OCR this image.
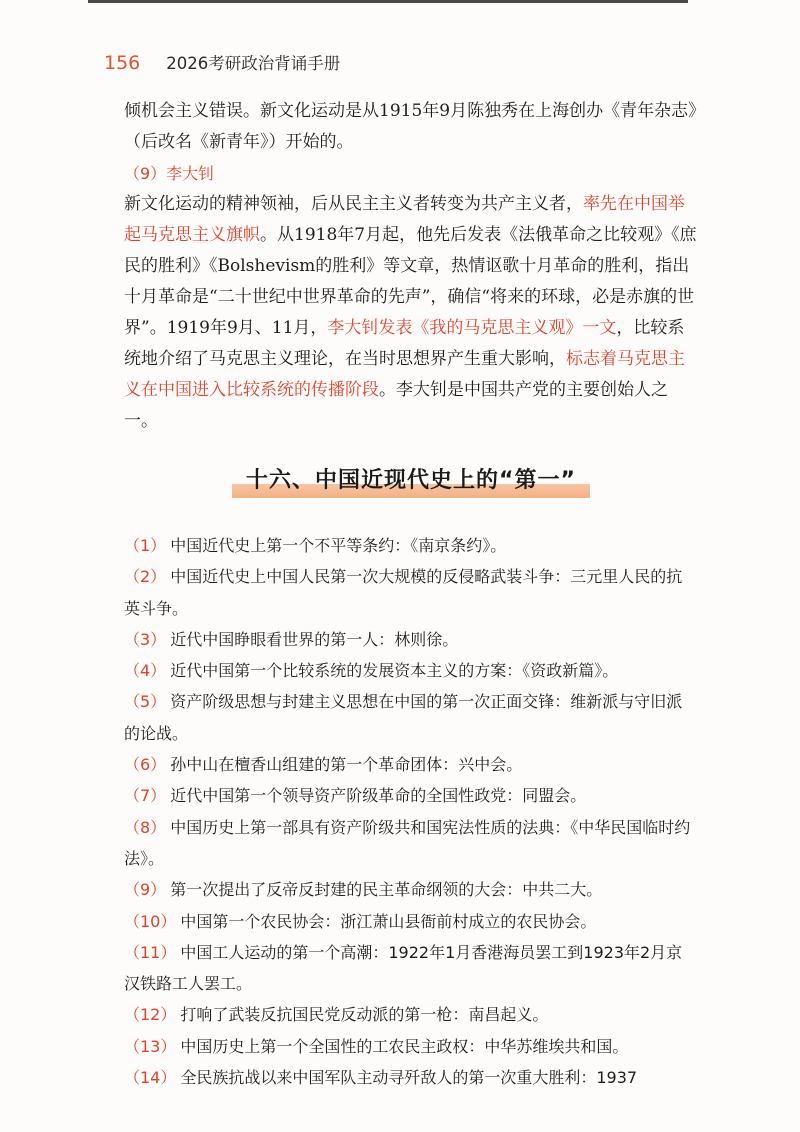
156 2026考研政治背诵手册

倾机会主义错误。新文化运动是从1915年9月陈独秀在上海创办《青年杂志》（后改名《新青年》）开始的。

（9）李大钊

新文化运动的精神领袖，后从民主主义者转变为共产主义者，率先在中国举起马克思主义旗帜。从1918年7月起，他先后发表《法俄革命之比较观》《庶民的胜利》《Bolshevism的胜利》等文章，热情讴歌十月革命的胜利，指出十月革命是“二十世纪中世界革命的先声”，确信“将来的环球，必是赤旗的世界”。1919年9月、11月，李大钊发表《我的马克思主义观》一文，比较系统地介绍了马克思主义理论，在当时思想界产生重大影响，标志着马克思主义在中国进入比较系统的传播阶段。李大钊是中国共产党的主要创始人之一。

十六、中国近现代史上的“第一”

（1） 中国近代史上第一个不平等条约：《南京条约》。

（2） 中国近代史上中国人民第一次大规模的反侵略武装斗争：三元里人民的抗英斗争。

（3） 近代中国睁眼看世界的第一人：林则徐。

（4） 近代中国第一个比较系统的发展资本主义的方案：《资政新篇》。

（5） 资产阶级思想与封建主义思想在中国的第一次正面交锋：维新派与守旧派的论战。

（6） 孙中山在檀香山组建的第一个革命团体：兴中会。

（7） 近代中国第一个领导资产阶级革命的全国性政党：同盟会。

（8） 中国历史上第一部具有资产阶级共和国宪法性质的法典：《中华民国临时约法》。

（9） 第一次提出了反帝反封建的民主革命纲领的大会：中共二大。

（10） 中国第一个农民协会：浙江萧山县衙前村成立的农民协会。

（11） 中国工人运动的第一个高潮：1922年1月香港海员罢工到1923年2月京汉铁路工人罢工。

（12） 打响了武装反抗国民党反动派的第一枪：南昌起义。

（13） 中国历史上第一个全国性的工农民主政权：中华苏维埃共和国。

（14） 全民族抗战以来中国军队主动寻歼敌人的第一次重大胜利：1937
